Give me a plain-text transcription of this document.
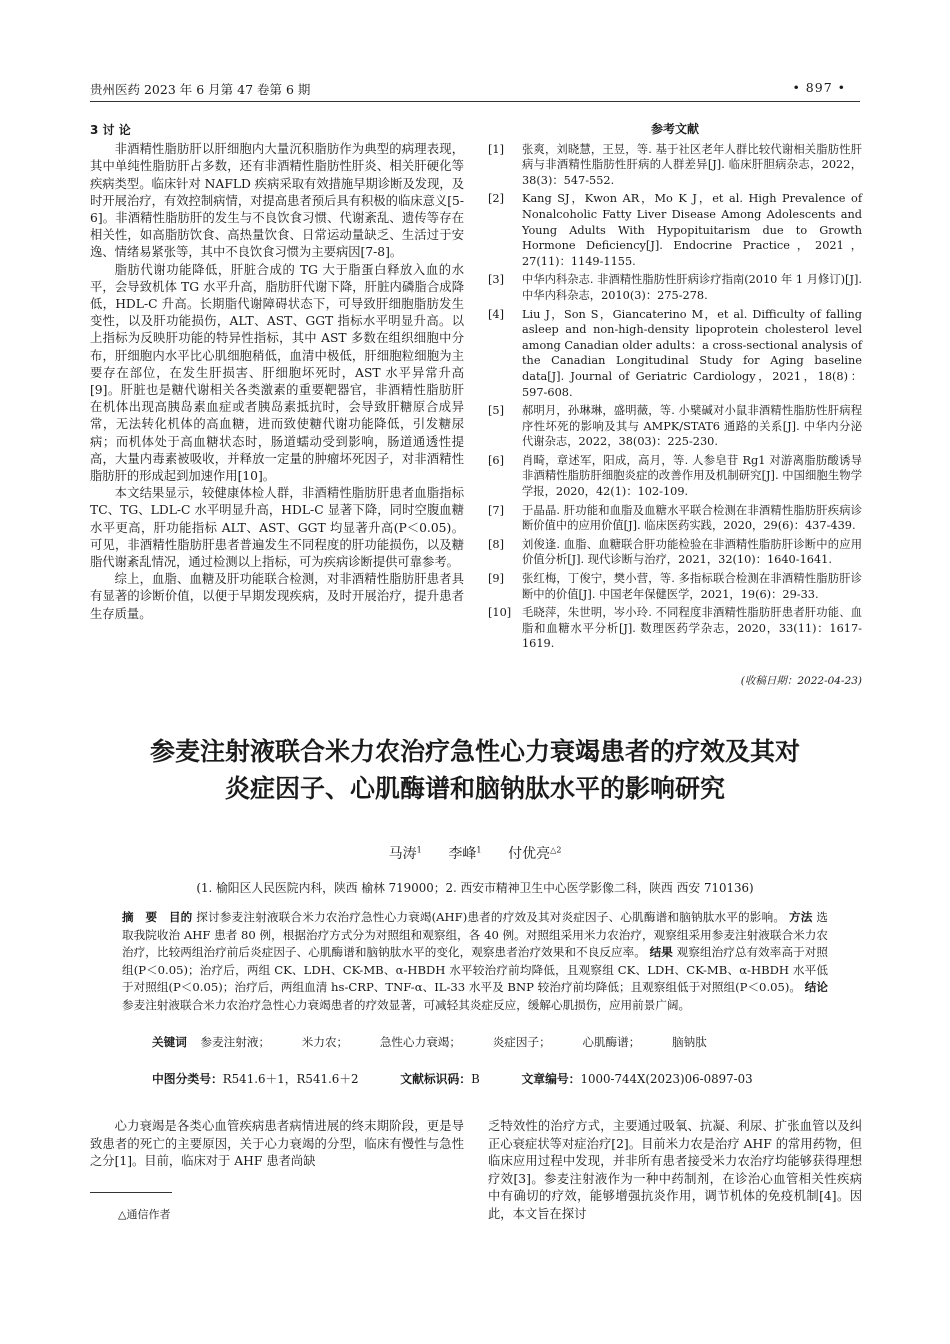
贵州医药 2023 年 6 月第 47 卷第 6 期	• 897 •
3 讨 论

非酒精性脂肪肝以肝细胞内大量沉积脂肪作为典型的病理表现，其中单纯性脂肪肝占多数，还有非酒精性脂肪性肝炎、相关肝硬化等疾病类型。临床针对 NAFLD 疾病采取有效措施早期诊断及发现，及时开展治疗，有效控制病情，对提高患者预后具有积极的临床意义[5-6]。非酒精性脂肪肝的发生与不良饮食习惯、代谢紊乱、遗传等存在相关性，如高脂肪饮食、高热量饮食、日常运动量缺乏、生活过于安逸、情绪易紧张等，其中不良饮食习惯为主要病因[7-8]。

脂肪代谢功能降低，肝脏合成的 TG 大于脂蛋白释放入血的水平，会导致机体 TG 水平升高，脂肪肝代谢下降，肝脏内磷脂合成降低，HDL-C 升高。长期脂代谢障碍状态下，可导致肝细胞脂肪发生变性，以及肝功能损伤，ALT、AST、GGT 指标水平明显升高。以上指标为反映肝功能的特异性指标，其中 AST 多数在组织细胞中分布，肝细胞内水平比心肌细胞稍低，血清中极低，肝细胞粒细胞为主要存在部位，在发生肝损害、肝细胞坏死时，AST 水平异常升高[9]。肝脏也是糖代谢相关各类激素的重要靶器官，非酒精性脂肪肝在机体出现高胰岛素血症或者胰岛素抵抗时，会导致肝糖原合成异常，无法转化机体的高血糖，进而致使糖代谢功能降低，引发糖尿病；而机体处于高血糖状态时，肠道蠕动受到影响，肠道通透性提高，大量内毒素被吸收，并释放一定量的肿瘤坏死因子，对非酒精性脂肪肝的形成起到加速作用[10]。

本文结果显示，较健康体检人群，非酒精性脂肪肝患者血脂指标 TC、TG、LDL-C 水平明显升高，HDL-C 显著下降，同时空腹血糖水平更高，肝功能指标 ALT、AST、GGT 均显著升高(P＜0.05)。可见，非酒精性脂肪肝患者普遍发生不同程度的肝功能损伤，以及糖脂代谢紊乱情况，通过检测以上指标，可为疾病诊断提供可靠参考。

综上，血脂、血糖及肝功能联合检测，对非酒精性脂肪肝患者具有显著的诊断价值，以便于早期发现疾病，及时开展治疗，提升患者生存质量。

参考文献
[1]	张爽，刘晓慧，王昱，等. 基于社区老年人群比较代谢相关脂肪性肝病与非酒精性脂肪性肝病的人群差异[J]. 临床肝胆病杂志，2022，38(3)：547-552.
[2]	Kang SJ，Kwon AR，Mo K J，et al. High Prevalence of Nonalcoholic Fatty Liver Disease Among Adolescents and Young Adults With Hypopituitarism due to Growth Hormone Deficiency[J]. Endocrine Practice，2021，27(11)：1149-1155.
[3]	中华内科杂志. 非酒精性脂肪性肝病诊疗指南(2010 年 1 月修订)[J]. 中华内科杂志，2010(3)：275-278.
[4]	Liu J，Son S，Giancaterino M，et al. Difficulty of falling asleep and non-high-density lipoprotein cholesterol level among Canadian older adults：a cross-sectional analysis of the Canadian Longitudinal Study for Aging baseline data[J]. Journal of Geriatric Cardiology，2021，18(8)：597-608.
[5]	郝明月，孙琳琳，盛明薇，等. 小檗碱对小鼠非酒精性脂肪性肝病程序性坏死的影响及其与 AMPK/STAT6 通路的关系[J]. 中华内分泌代谢杂志，2022，38(03)：225-230.
[6]	肖畸，章述军，阳成，高月，等. 人参皂苷 Rg1 对游离脂肪酸诱导非酒精性脂肪肝细胞炎症的改善作用及机制研究[J]. 中国细胞生物学学报，2020，42(1)：102-109.
[7]	于晶晶. 肝功能和血脂及血糖水平联合检测在非酒精性脂肪肝疾病诊断价值中的应用价值[J]. 临床医药实践，2020，29(6)：437-439.
[8]	刘俊逢. 血脂、血糖联合肝功能检验在非酒精性脂肪肝诊断中的应用价值分析[J]. 现代诊断与治疗，2021，32(10)：1640-1641.
[9]	张红梅，丁俊宁，樊小营，等. 多指标联合检测在非酒精性脂肪肝诊断中的价值[J]. 中国老年保健医学，2021，19(6)：29-33.
[10] 毛晓萍，朱世明，岑小玲. 不同程度非酒精性脂肪肝患者肝功能、血脂和血糖水平分析[J]. 数理医药学杂志，2020，33(11)：1617-1619.
(收稿日期：2022-04-23)
参麦注射液联合米力农治疗急性心力衰竭患者的疗效及其对
炎症因子、心肌酶谱和脑钠肽水平的影响研究
马涛$^1$ 李峰$^1$ 付优亮$^{\triangle 2}$
(1. 榆阳区人民医院内科，陕西 榆林 719000；2. 西安市精神卫生中心医学影像二科，陕西 西安 710136)
摘　要 目的 探讨参麦注射液联合米力农治疗急性心力衰竭(AHF)患者的疗效及其对炎症因子、心肌酶谱和脑钠肽水平的影响。 方法 选取我院收治 AHF 患者 80 例，根据治疗方式分为对照组和观察组，各 40 例。对照组采用米力农治疗，观察组采用参麦注射液联合米力农治疗，比较两组治疗前后炎症因子、心肌酶谱和脑钠肽水平的变化，观察患者治疗效果和不良反应率。 结果 观察组治疗总有效率高于对照组(P＜0.05)；治疗后，两组 CK、LDH、CK-MB、α-HBDH 水平较治疗前均降低，且观察组 CK、LDH、CK-MB、α-HBDH 水平低于对照组(P＜0.05)；治疗后，两组血清 hs-CRP、TNF-α、IL-33 水平及 BNP 较治疗前均降低；且观察组低于对照组(P＜0.05)。 结论 参麦注射液联合米力农治疗急性心力衰竭患者的疗效显著，可减轻其炎症反应，缓解心肌损伤，应用前景广阔。
关键词 参麦注射液；	米力农；	急性心力衰竭；	炎症因子；	心肌酶谱；	脑钠肽
中图分类号：R541.6＋1，R541.6＋2	文献标识码：B	文章编号：1000-744X(2023)06-0897-03

心力衰竭是各类心血管疾病患者病情进展的终末期阶段，更是导致患者的死亡的主要原因，关于心力衰竭的分型，临床有慢性与急性之分[1]。目前，临床对于 AHF 患者尚缺

乏特效性的治疗方式，主要通过吸氧、抗凝、利尿、扩张血管以及纠正心衰症状等对症治疗[2]。目前米力农是治疗 AHF 的常用药物，但临床应用过程中发现，并非所有患者接受米力农治疗均能够获得理想疗效[3]。参麦注射液作为一种中药制剂，在诊治心血管相关性疾病中有确切的疗效，能够增强抗炎作用，调节机体的免疫机制[4]。因此，本文旨在探讨

△通信作者
